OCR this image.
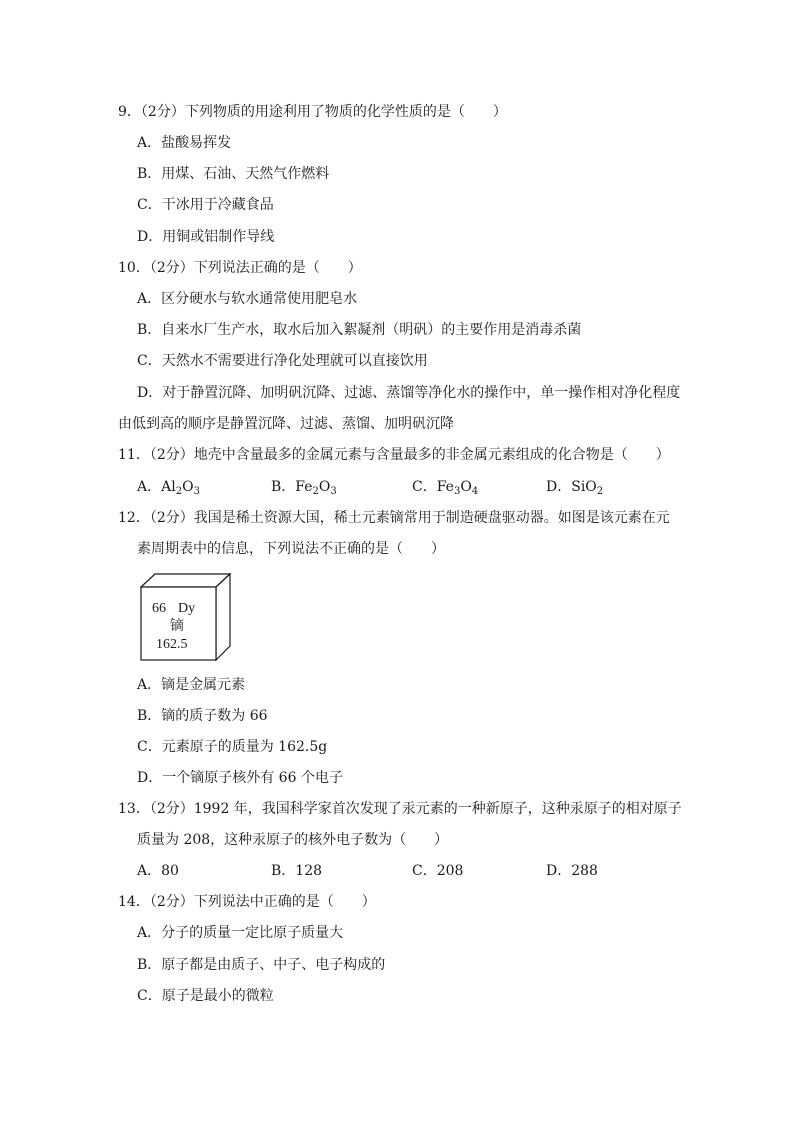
9．（2分）下列物质的用途利用了物质的化学性质的是（　　）
A．盐酸易挥发
B．用煤、石油、天然气作燃料
C．干冰用于冷藏食品
D．用铜或铝制作导线
10．（2分）下列说法正确的是（　　）
A．区分硬水与软水通常使用肥皂水
B．自来水厂生产水，取水后加入絮凝剂（明矾）的主要作用是消毒杀菌
C．天然水不需要进行净化处理就可以直接饮用
D．对于静置沉降、加明矾沉降、过滤、蒸馏等净化水的操作中，单一操作相对净化程度
由低到高的顺序是静置沉降、过滤、蒸馏、加明矾沉降
11．（2分）地壳中含量最多的金属元素与含量最多的非金属元素组成的化合物是（　　）
A．$Al_2O_3$	B．$Fe_2O_3$	C．$Fe_3O_4$	D．SiO$_2$
12．（2分）我国是稀土资源大国，稀土元素镝常用于制造硬盘驱动器。如图是该元素在元
素周期表中的信息，下列说法不正确的是（　　）
66 Dy
镝
162.5
A．镝是金属元素
B．镝的质子数为 66
C．元素原子的质量为 162.5g
D．一个镝原子核外有 66 个电子
13．（2分）1992 年，我国科学家首次发现了汞元素的一种新原子，这种汞原子的相对原子
质量为 208，这种汞原子的核外电子数为（　　）
A．80	B．128	C．208	D．288
14．（2分）下列说法中正确的是（　　）
A．分子的质量一定比原子质量大
B．原子都是由质子、中子、电子构成的
C．原子是最小的微粒
